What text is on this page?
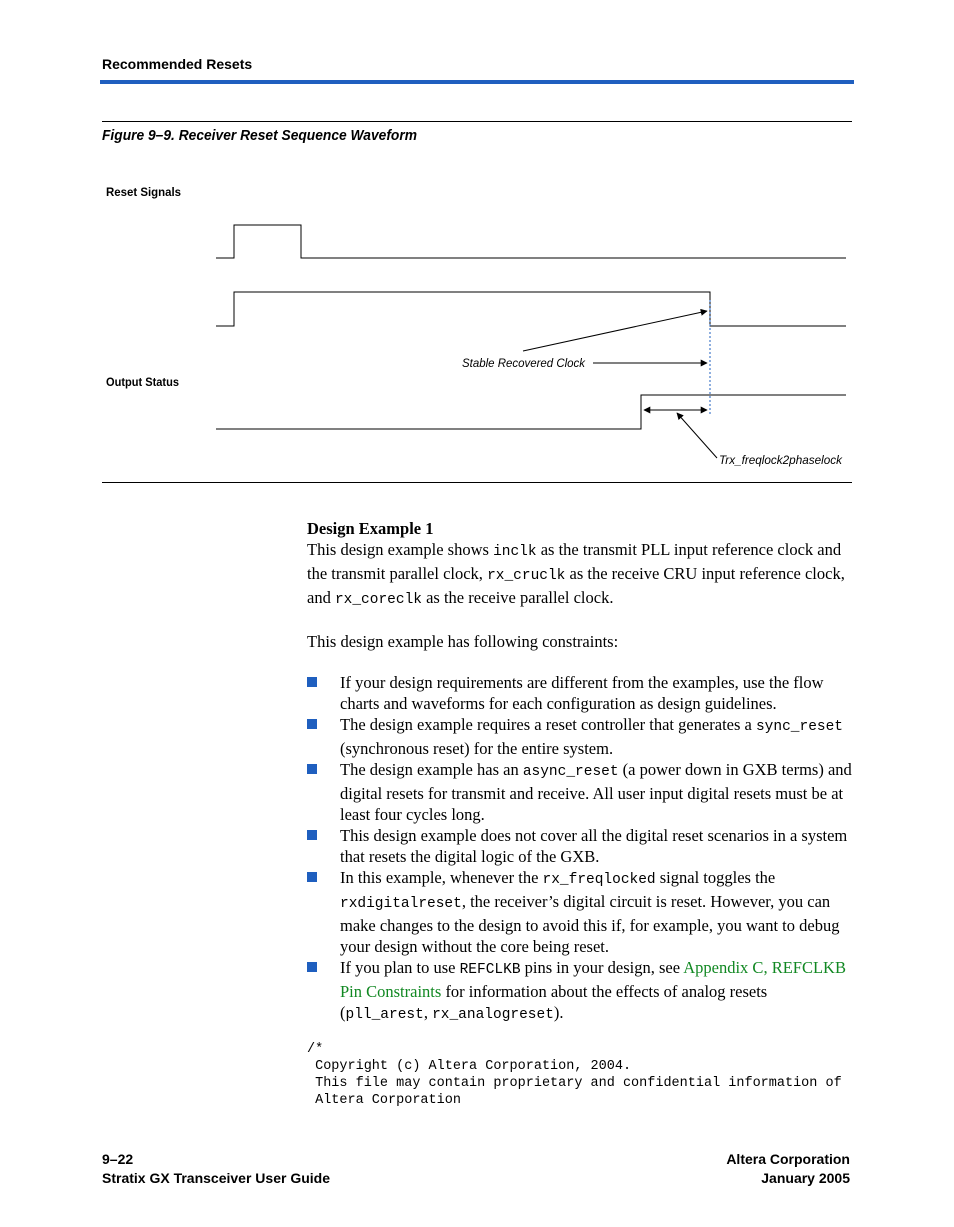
Recommended Resets
Figure 9–9. Receiver Reset Sequence Waveform
Reset Signals
Output Status
Stable Recovered Clock
Trx_freqlock2phaselock

Design Example 1

This design example shows inclk as the transmit PLL input reference clock and the transmit parallel clock, rx_cruclk as the receive CRU input reference clock, and rx_coreclk as the receive parallel clock.

This design example has following constraints:

If your design requirements are different from the examples, use the flow charts and waveforms for each configuration as design guidelines.
The design example requires a reset controller that generates a sync_reset (synchronous reset) for the entire system.
The design example has an async_reset (a power down in GXB terms) and digital resets for transmit and receive. All user input digital resets must be at least four cycles long.
This design example does not cover all the digital reset scenarios in a system that resets the digital logic of the GXB.
In this example, whenever the rx_freqlocked signal toggles the rxdigitalreset, the receiver’s digital circuit is reset. However, you can make changes to the design to avoid this if, for example, you want to debug your design without the core being reset.
If you plan to use REFCLKB pins in your design, see Appendix C, REFCLKB Pin Constraints for information about the effects of analog resets (pll_arest, rx_analogreset).
/*
Copyright (c) Altera Corporation, 2004.
This file may contain proprietary and confidential information of
Altera Corporation
9–22
Stratix GX Transceiver User Guide
Altera Corporation
January 2005
